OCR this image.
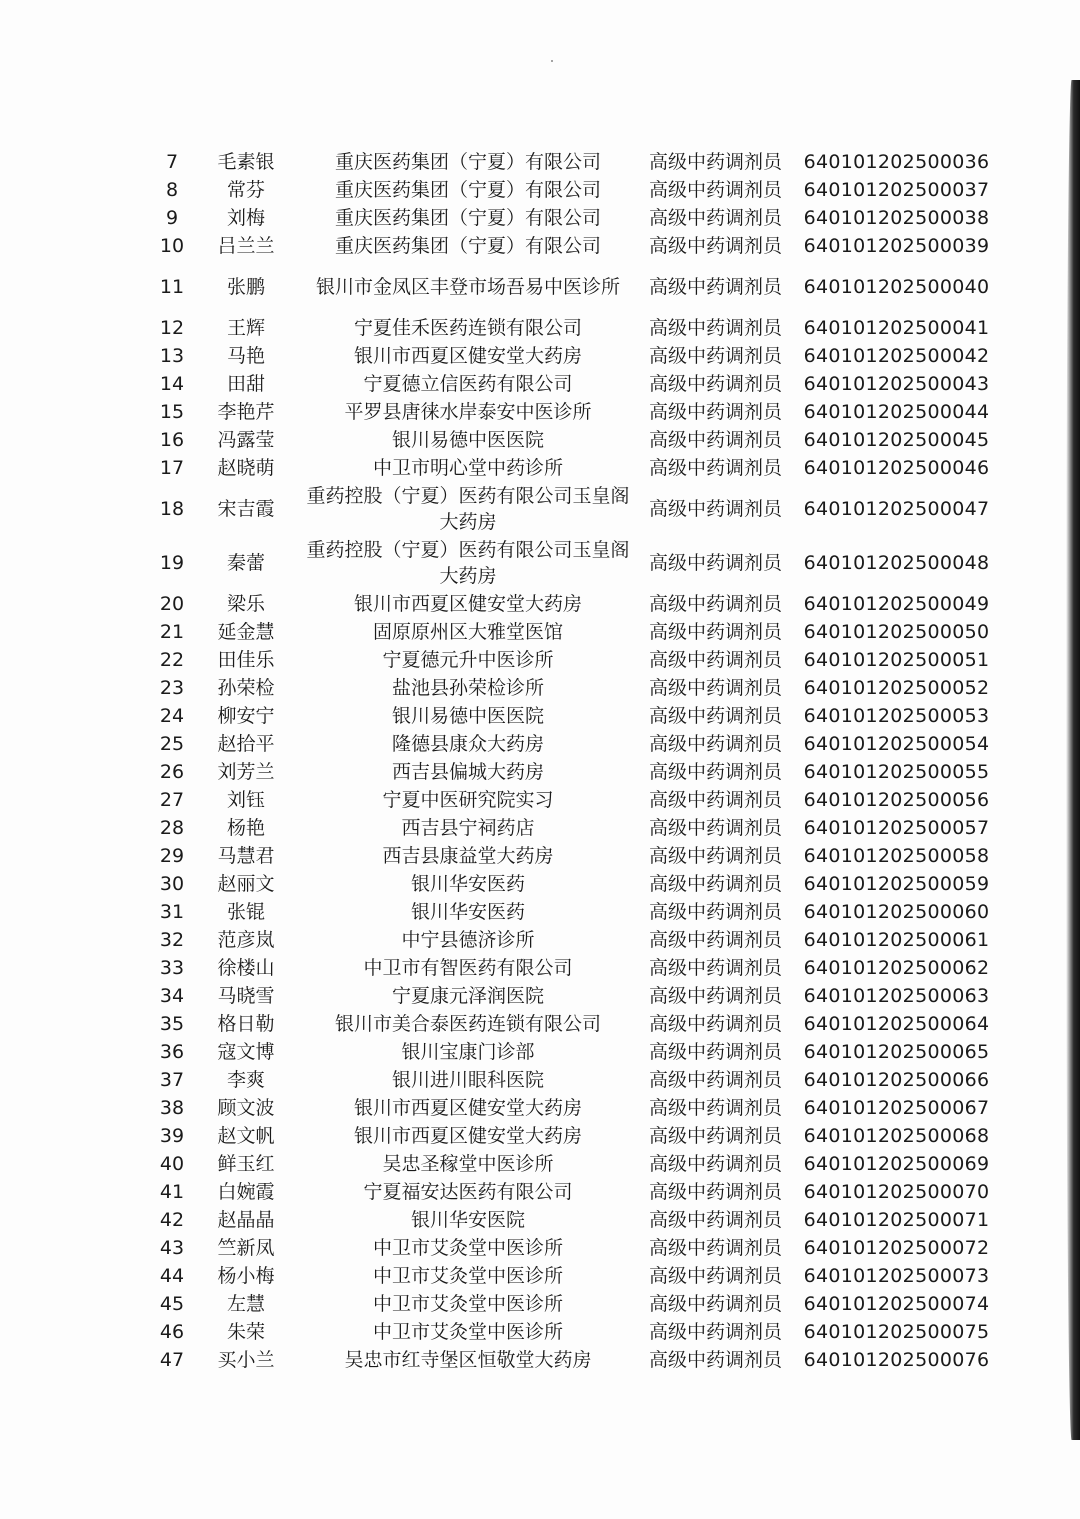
7	毛素银	重庆医药集团（宁夏）有限公司	高级中药调剂员	640101202500036
8	常芬	重庆医药集团（宁夏）有限公司	高级中药调剂员	640101202500037
9	刘梅	重庆医药集团（宁夏）有限公司	高级中药调剂员	640101202500038
10	吕兰兰	重庆医药集团（宁夏）有限公司	高级中药调剂员	640101202500039
11	张鹏	银川市金凤区丰登市场吾易中医诊所	高级中药调剂员	640101202500040
12	王辉	宁夏佳禾医药连锁有限公司	高级中药调剂员	640101202500041
13	马艳	银川市西夏区健安堂大药房	高级中药调剂员	640101202500042
14	田甜	宁夏德立信医药有限公司	高级中药调剂员	640101202500043
15	李艳芹	平罗县唐徕水岸泰安中医诊所	高级中药调剂员	640101202500044
16	冯露莹	银川易德中医医院	高级中药调剂员	640101202500045
17	赵晓萌	中卫市明心堂中药诊所	高级中药调剂员	640101202500046
18	宋吉霞	重药控股（宁夏）医药有限公司玉皇阁大药房	高级中药调剂员	640101202500047
19	秦蕾	重药控股（宁夏）医药有限公司玉皇阁大药房	高级中药调剂员	640101202500048
20	梁乐	银川市西夏区健安堂大药房	高级中药调剂员	640101202500049
21	延金慧	固原原州区大雅堂医馆	高级中药调剂员	640101202500050
22	田佳乐	宁夏德元升中医诊所	高级中药调剂员	640101202500051
23	孙荣检	盐池县孙荣检诊所	高级中药调剂员	640101202500052
24	柳安宁	银川易德中医医院	高级中药调剂员	640101202500053
25	赵拾平	隆德县康众大药房	高级中药调剂员	640101202500054
26	刘芳兰	西吉县偏城大药房	高级中药调剂员	640101202500055
27	刘钰	宁夏中医研究院实习	高级中药调剂员	640101202500056
28	杨艳	西吉县宁祠药店	高级中药调剂员	640101202500057
29	马慧君	西吉县康益堂大药房	高级中药调剂员	640101202500058
30	赵丽文	银川华安医药	高级中药调剂员	640101202500059
31	张锟	银川华安医药	高级中药调剂员	640101202500060
32	范彦岚	中宁县德济诊所	高级中药调剂员	640101202500061
33	徐楼山	中卫市有智医药有限公司	高级中药调剂员	640101202500062
34	马晓雪	宁夏康元泽润医院	高级中药调剂员	640101202500063
35	格日勒	银川市美合泰医药连锁有限公司	高级中药调剂员	640101202500064
36	寇文博	银川宝康门诊部	高级中药调剂员	640101202500065
37	李爽	银川进川眼科医院	高级中药调剂员	640101202500066
38	顾文波	银川市西夏区健安堂大药房	高级中药调剂员	640101202500067
39	赵文帆	银川市西夏区健安堂大药房	高级中药调剂员	640101202500068
40	鲜玉红	吴忠圣稼堂中医诊所	高级中药调剂员	640101202500069
41	白婉霞	宁夏福安达医药有限公司	高级中药调剂员	640101202500070
42	赵晶晶	银川华安医院	高级中药调剂员	640101202500071
43	竺新凤	中卫市艾灸堂中医诊所	高级中药调剂员	640101202500072
44	杨小梅	中卫市艾灸堂中医诊所	高级中药调剂员	640101202500073
45	左慧	中卫市艾灸堂中医诊所	高级中药调剂员	640101202500074
46	朱荣	中卫市艾灸堂中医诊所	高级中药调剂员	640101202500075
47	买小兰	吴忠市红寺堡区恒敬堂大药房	高级中药调剂员	640101202500076
